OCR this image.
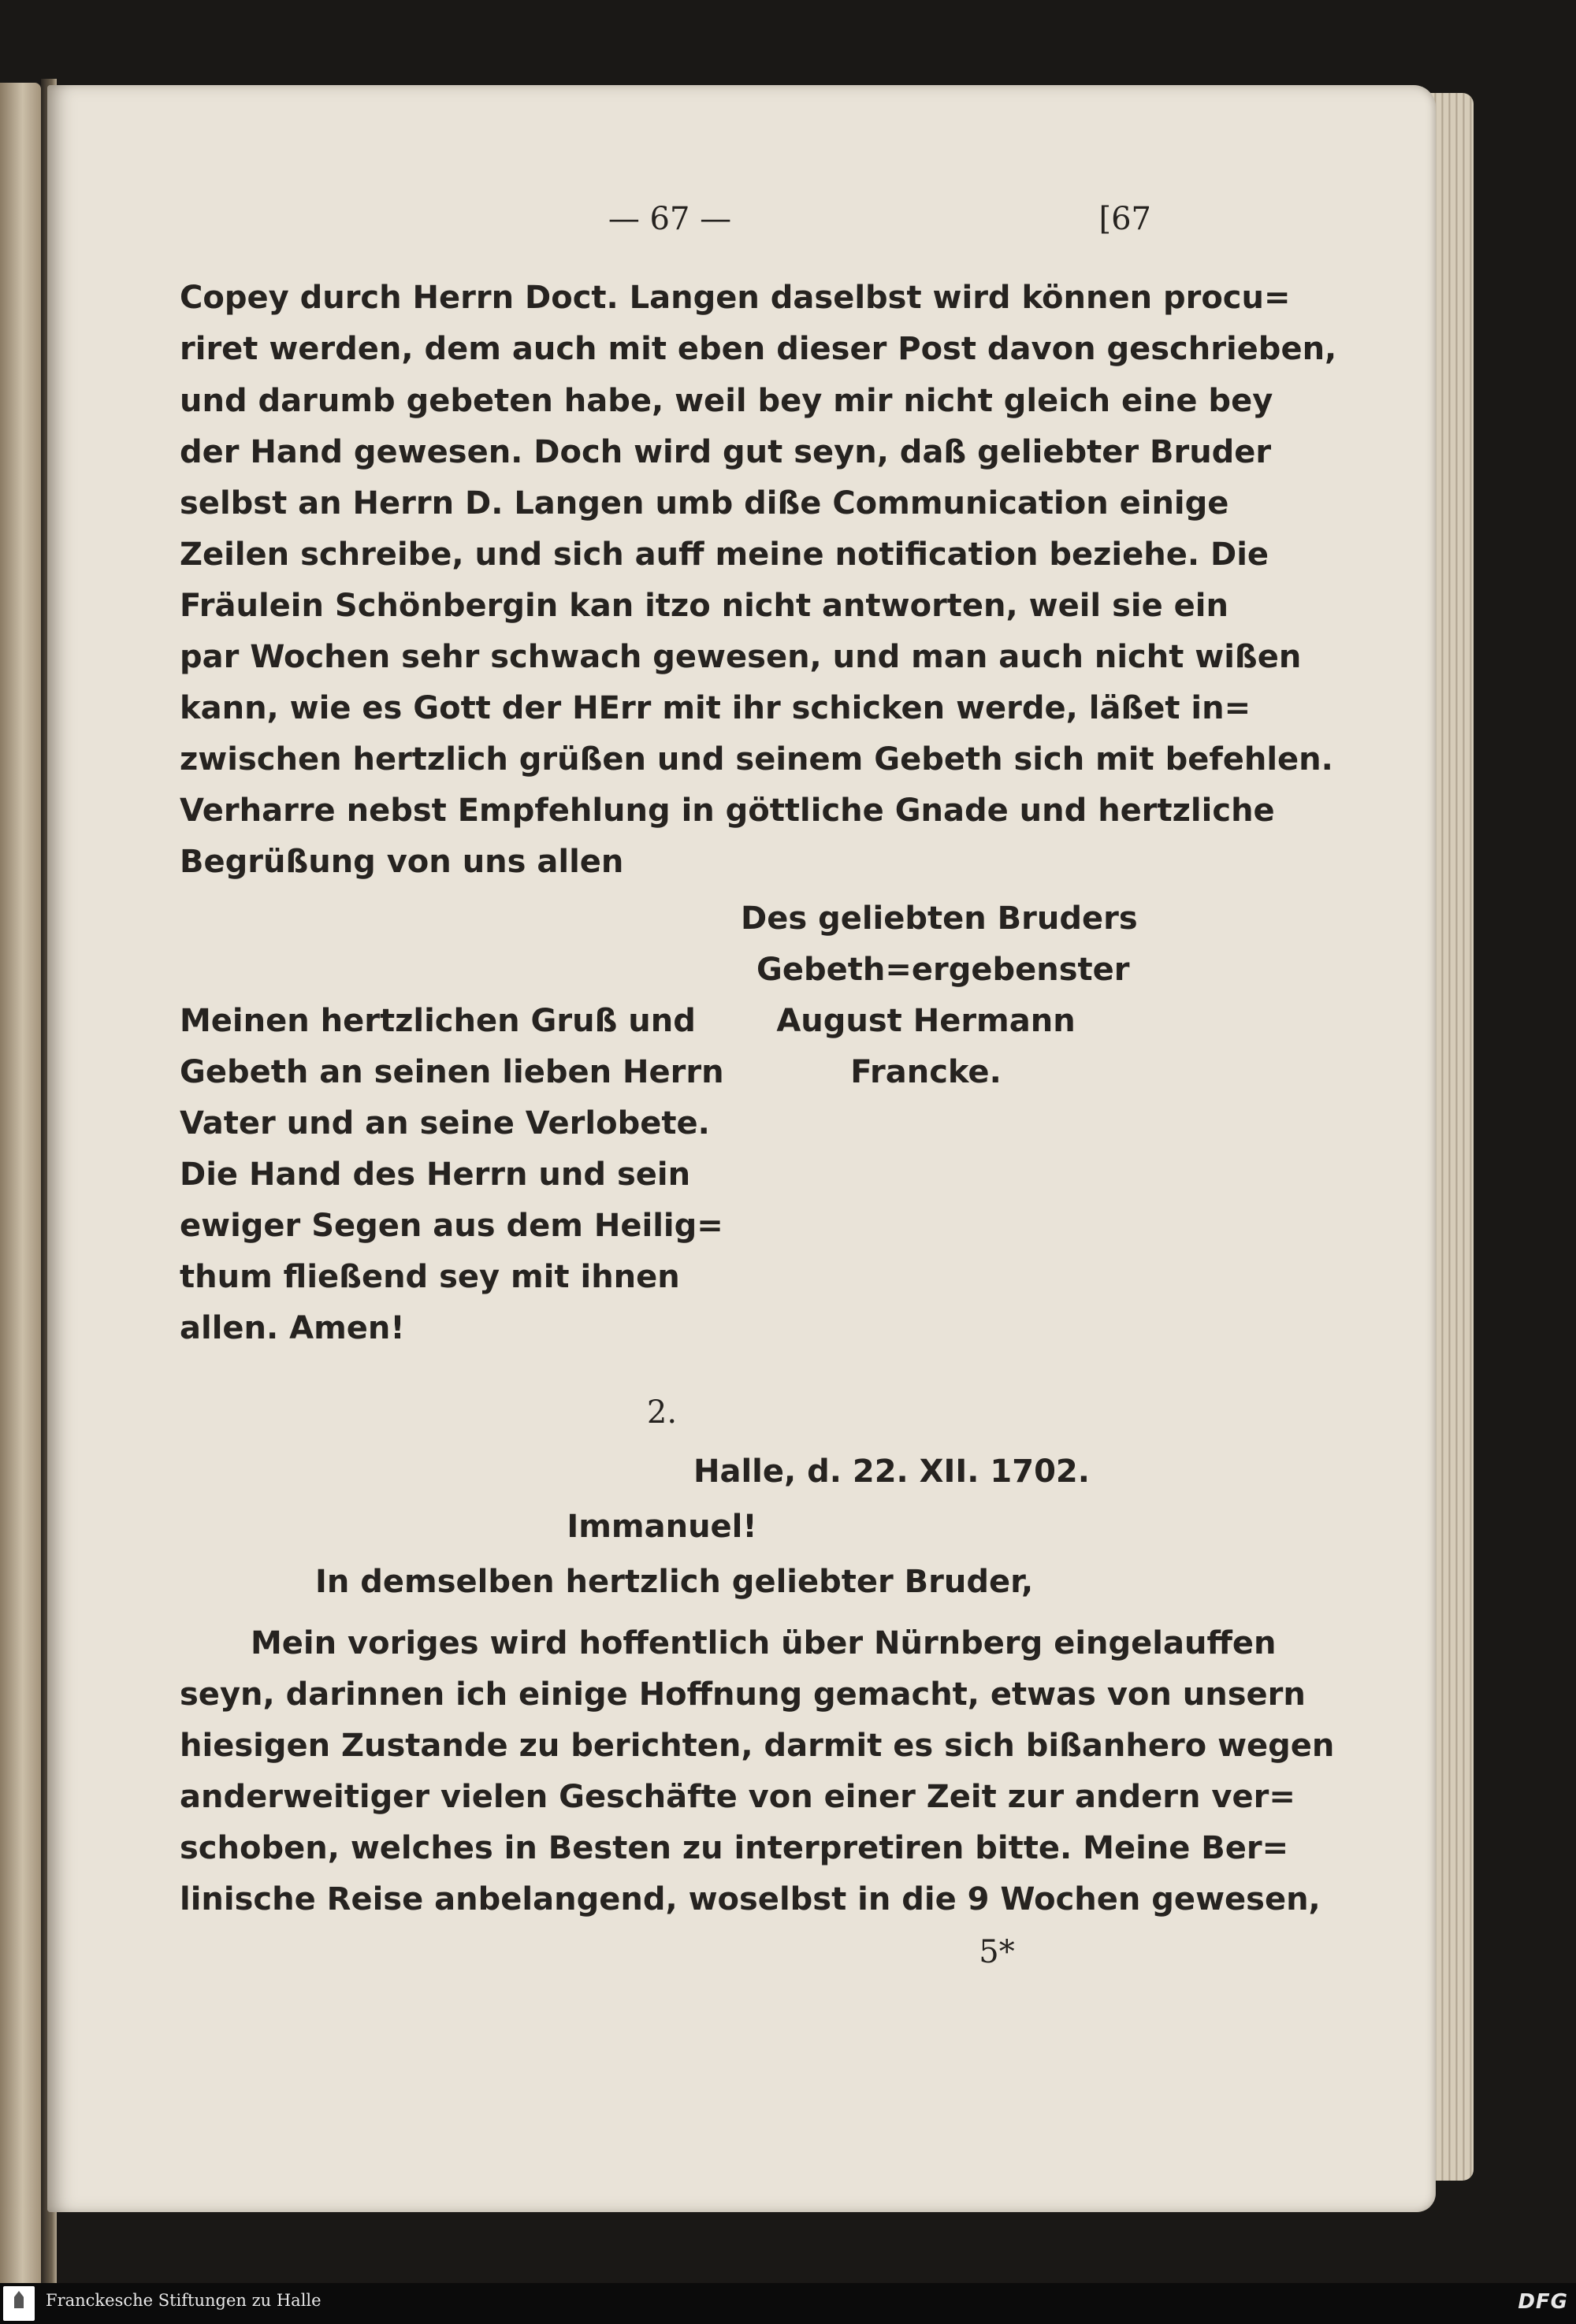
— 67 —	[67
Copey durch Herrn Doct. Langen daselbst wird können procu=
riret werden, dem auch mit eben dieser Post davon geschrieben,
und darumb gebeten habe, weil bey mir nicht gleich eine bey
der Hand gewesen. Doch wird gut seyn, daß geliebter Bruder
selbst an Herrn D. Langen umb diße Communication einige
Zeilen schreibe, und sich auff meine notification beziehe. Die
Fräulein Schönbergin kan itzo nicht antworten, weil sie ein
par Wochen sehr schwach gewesen, und man auch nicht wißen
kann, wie es Gott der HErr mit ihr schicken werde, läßet in=
zwischen hertzlich grüßen und seinem Gebeth sich mit befehlen.
Verharre nebst Empfehlung in göttliche Gnade und hertzliche
Begrüßung von uns allen
Des geliebten Bruders
Gebeth=ergebenster
August Hermann
Francke.
Meinen hertzlichen Gruß und
Gebeth an seinen lieben Herrn
Vater und an seine Verlobete.
Die Hand des Herrn und sein
ewiger Segen aus dem Heilig=
thum fließend sey mit ihnen
allen. Amen!
2.
Halle, d. 22. XII. 1702.
Immanuel!
In demselben hertzlich geliebter Bruder,
Mein voriges wird hoffentlich über Nürnberg eingelauffen
seyn, darinnen ich einige Hoffnung gemacht, etwas von unsern
hiesigen Zustande zu berichten, darmit es sich bißanhero wegen
anderweitiger vielen Geschäfte von einer Zeit zur andern ver=
schoben, welches in Besten zu interpretiren bitte. Meine Ber=
linische Reise anbelangend, woselbst in die 9 Wochen gewesen,
5*
Franckesche Stiftungen zu Halle	DFG
